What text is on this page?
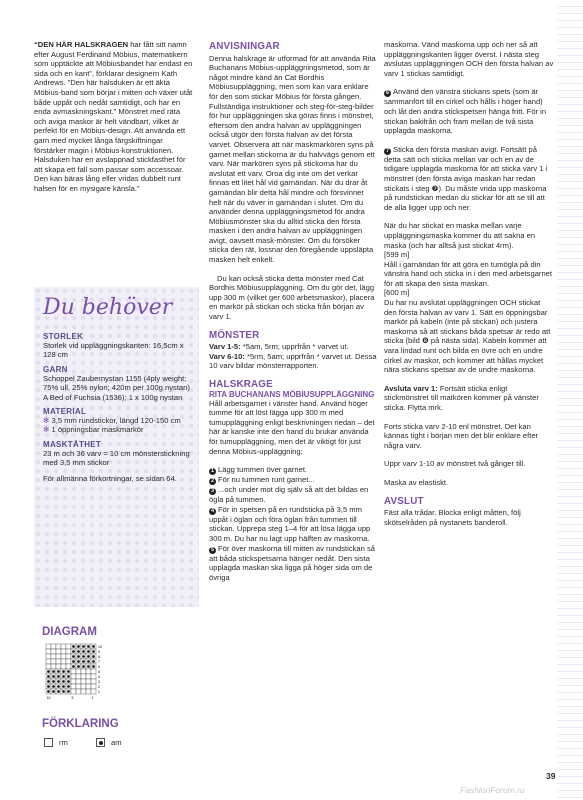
“DEN HÄR HALSKRAGEN har fått sitt namn efter August Ferdinand Möbius, matematikern som upptäckte att Möbiusbandet har endast en sida och en kant”, förklarar designern Kath Andrews. ”Den här halsduken är ett äkta Möbius-band som börjar i mitten och växer utåt både uppåt och nedåt samtidigt, och har en enda avmaskningskant.” Mönstret med räta och aviga maskor är helt vändbart, vilket är perfekt för en Möbius-design. Att använda ett garn med mycket långa färgskiftningar förstärker magin i Möbius-konstruktionen. Halsduken har en avslappnad stickfasthet för att skapa ett fall som passar som accessoar. Den kan bäras lång eller vridas dubbelt runt halsen för en mysigare känsla.”

Du behöver
STORLEK
Storlek vid uppläggningskanten: 16,5cm x 128 cm
GARN
Schoppel Zaubernystan 1155 (4ply weight; 75% ull, 25% nylon; 420m per 100g nystan) A Bed of Fuchsia (1536); 1 x 100g nystan
MATERIAL
✻ 3,5 mm rundstickor, längd 120-150 cm
✻ 1 öppningsbar maskmarkör
MASKTÄTHET
23 m och 36 varv = 10 cm mönsterstickning med 3,5 mm stickor
För allmänna förkortningar, se sidan 64.
DIAGRAM
10
9
8
7
6
5
4
3
2
1
10	5	1
FÖRKLARING
rm	am
ANVISNINGAR

Denna halskrage är utformad för att använda Rita Buchanans Möbius-uppläggningsmetod, som är något mindre känd än Cat Bordhis Möbiusuppläggning, men som kan vara enklare för den som stickar Möbius för första gången. Fullständiga instruktioner och steg-för-steg-bilder för hur uppläggningen ska göras finns i mönstret, eftersom den andra halvan av uppläggningen också utgör den första halvan av det första varvet. Observera att när maskmarkören syns på garnet mellan stickorna är du halvvägs genom ett varv. När markören syns på stickorna har du avslutat ett varv. Oroa dig inte om det verkar finnas ett litet hål vid garnändan. När du drar åt garnändan blir detta hål mindre och försvinner helt när du väver in garnändan i slutet. Om du använder denna uppläggningsmetod för andra Möbiusmönster ska du alltid sticka den första masken i den andra halvan av uppläggningen avigt, oavsett mask-mönster. Om du försöker sticka den rät, lossnar den föregående uppsläpta masken helt enkelt.

Du kan också sticka detta mönster med Cat Bordhis Möbiusuppläggning. Om du gör det, lägg upp 300 m (vilket ger 600 arbetsmaskor), placera en markör på stickan och sticka från början av varv 1.

MÖNSTER

Varv 1-5: *5am, 5rm; upprfrån * varvet ut.
Varv 6-10: *5rm, 5am; upprfrån * varvet ut. Dessa 10 varv bildar mönsterrapporten.

HALSKRAGE
RITA BUCHANANS MÖBIUSUPPLÄGGNING

Håll arbetsgarnet i vänster hand. Använd höger tumme för att löst lägga upp 300 m med tumuppläggning enligt beskrivningen nedan – det här är kanske inte den hand du brukar använda för tumuppläggning, men det är viktigt för just denna Möbius-uppläggning:

1 Lägg tummen över garnet.
2 För nu tummen runt garnet...
3 ...och under mot dig själv så att det bildas en ögla på tummen.
4 För in spetsen på en rundsticka på 3,5 mm uppåt i öglan och föra öglan från tummen till stickan. Upprepa steg 1–4 för att lösa lägga upp 300 m. Du har nu lagt upp hälften av maskorna.
5 För över maskorna till mitten av rundstickan så att båda stickspetsarna hänger nedåt. Den sista upplagda maskan ska ligga på höger sida om de övriga

maskorna. Vänd maskorna upp och ner så att uppläggningskanten ligger överst. I nästa steg avslutas uppläggningen OCH den första halvan av varv 1 stickas samtidigt.

6 Använd den vänstra stickans spets (som är sammanfört till en cirkel och hålls i höger hand) och låt den andra stickspetsen hänga fritt. För in stickan bakifrån och fram mellan de två sista upplagda maskorna.

7 Sticka den första maskan avigt. Fortsätt på detta sätt och sticka mellan var och en av de tidigare upplagda maskorna för att sticka varv 1 i mönstret (den första aviga maskan har redan stickats i steg ❼). Du måste vrida upp maskorna på rundstickan medan du stickar för att se till att de alla ligger upp och ner.

När du har stickat en maska mellan varje uppläggningsmaska kommer du att sakna en maska (och har alltså just stickat 4rm).

[599 m]

Håll i garnändan för att göra en tumögla på din vänstra hand och sticka in i den med arbetsgarnet för att skapa den sista maskan.

[600 m]

Du har nu avslutat uppläggningen OCH stickat den första halvan av varv 1. Sätt en öppningsbar markör på kabeln (inte på stickan) och justera maskorna så att stickans båda spetsar är redo att sticka (bild ❽ på nästa sida). Kabeln kommer att vara lindad runt och bilda en övre och en undre cirkel av maskor, och kommer att hållas mycket nära stickans spetsar av de undre maskorna.

Avsluta varv 1: Fortsätt sticka enligt stickmönstret till matkören kommer på vänster sticka. Flytta mrk.

Forts sticka varv 2-10 enl mönstret. Det kan kännas tight i början men det blir enklare efter några varv.

Uppr varv 1-10 av mönstret två gånger till.

Maska av elastiskt.

AVSLUT

Fäst alla trådar. Blocka enligt måtten, följ skötselråden på nystanets banderoll.

39
FashionForum.ru
